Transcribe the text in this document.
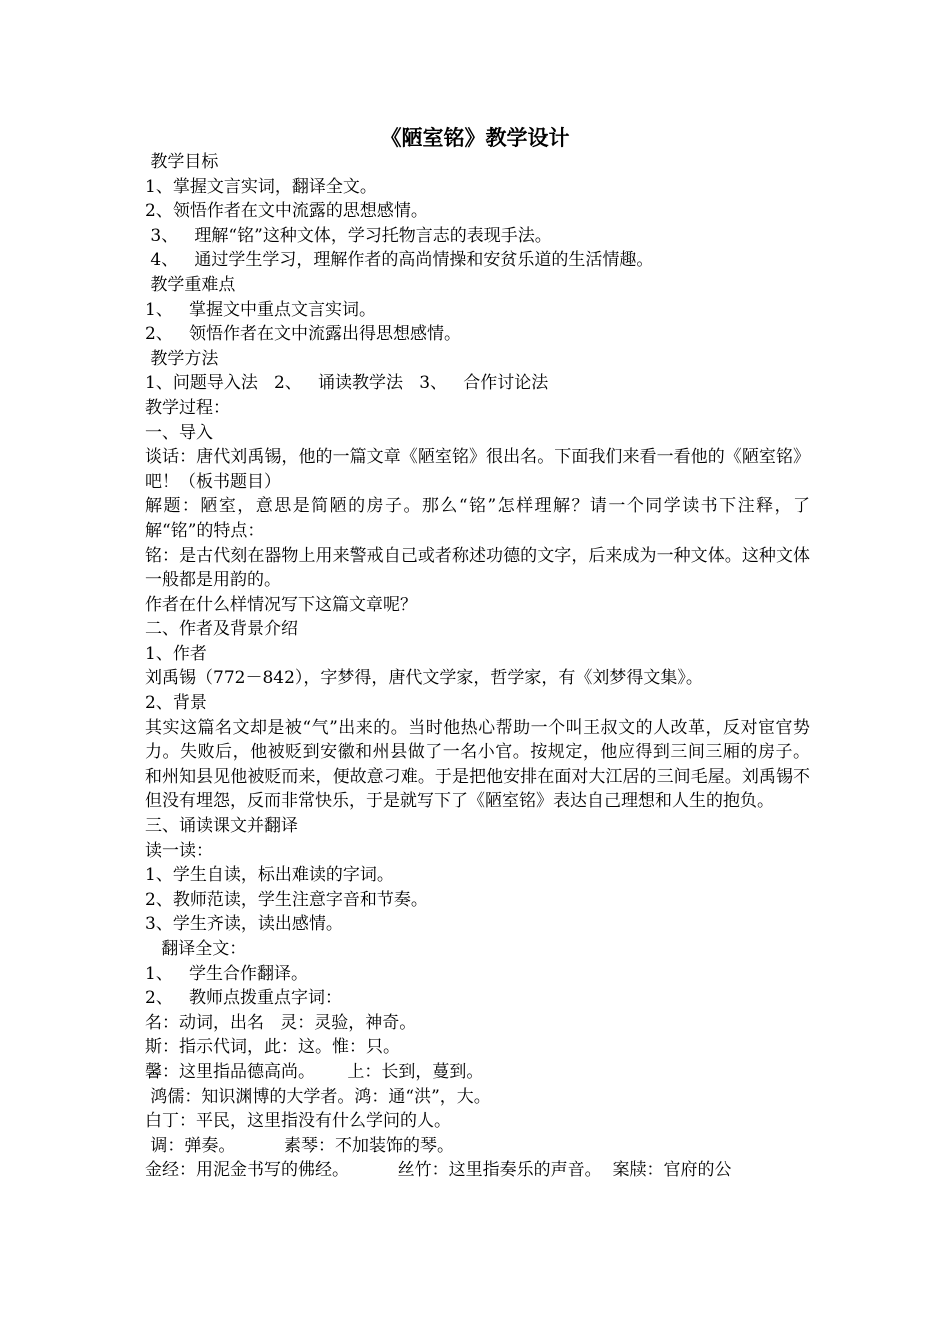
《陋室铭》教学设计

教学目标

1、掌握文言实词，翻译全文。

2、领悟作者在文中流露的思想感情。

3、   理解“铭”这种文体，学习托物言志的表现手法。

4、   通过学生学习，理解作者的高尚情操和安贫乐道的生活情趣。

教学重难点

1、   掌握文中重点文言实词。

2、   领悟作者在文中流露出得思想感情。

教学方法

1、问题导入法   2、   诵读教学法   3、   合作讨论法

教学过程：

一、导入

谈话：唐代刘禹锡，他的一篇文章《陋室铭》很出名。下面我们来看一看他的《陋室铭》吧！（板书题目）

解题：陋室，意思是简陋的房子。那么“铭”怎样理解？请一个同学读书下注释，了解“铭”的特点：

铭：是古代刻在器物上用来警戒自己或者称述功德的文字，后来成为一种文体。这种文体一般都是用韵的。

作者在什么样情况写下这篇文章呢？

二、作者及背景介绍

1、作者

刘禹锡（772－842），字梦得，唐代文学家，哲学家，有《刘梦得文集》。

2、背景

其实这篇名文却是被“气”出来的。当时他热心帮助一个叫王叔文的人改革，反对宦官势力。失败后，他被贬到安徽和州县做了一名小官。按规定，他应得到三间三厢的房子。 和州知县见他被贬而来，便故意刁难。于是把他安排在面对大江居的三间毛屋。刘禹锡不但没有埋怨，反而非常快乐，于是就写下了《陋室铭》表达自己理想和人生的抱负。

三、诵读课文并翻译

读一读：

1、学生自读，标出难读的字词。

2、教师范读，学生注意字音和节奏。

3、学生齐读，读出感情。

翻译全文：

1、   学生合作翻译。

2、   教师点拨重点字词：

名：动词，出名   灵：灵验，神奇。

斯：指示代词，此：这。惟：只。

馨：这里指品德高尚。      上：长到，蔓到。

鸿儒：知识渊博的大学者。鸿：通“洪”，大。

白丁：平民，这里指没有什么学问的人。

调：弹奏。         素琴：不加装饰的琴。

金经：用泥金书写的佛经。         丝竹：这里指奏乐的声音。  案牍：官府的公
